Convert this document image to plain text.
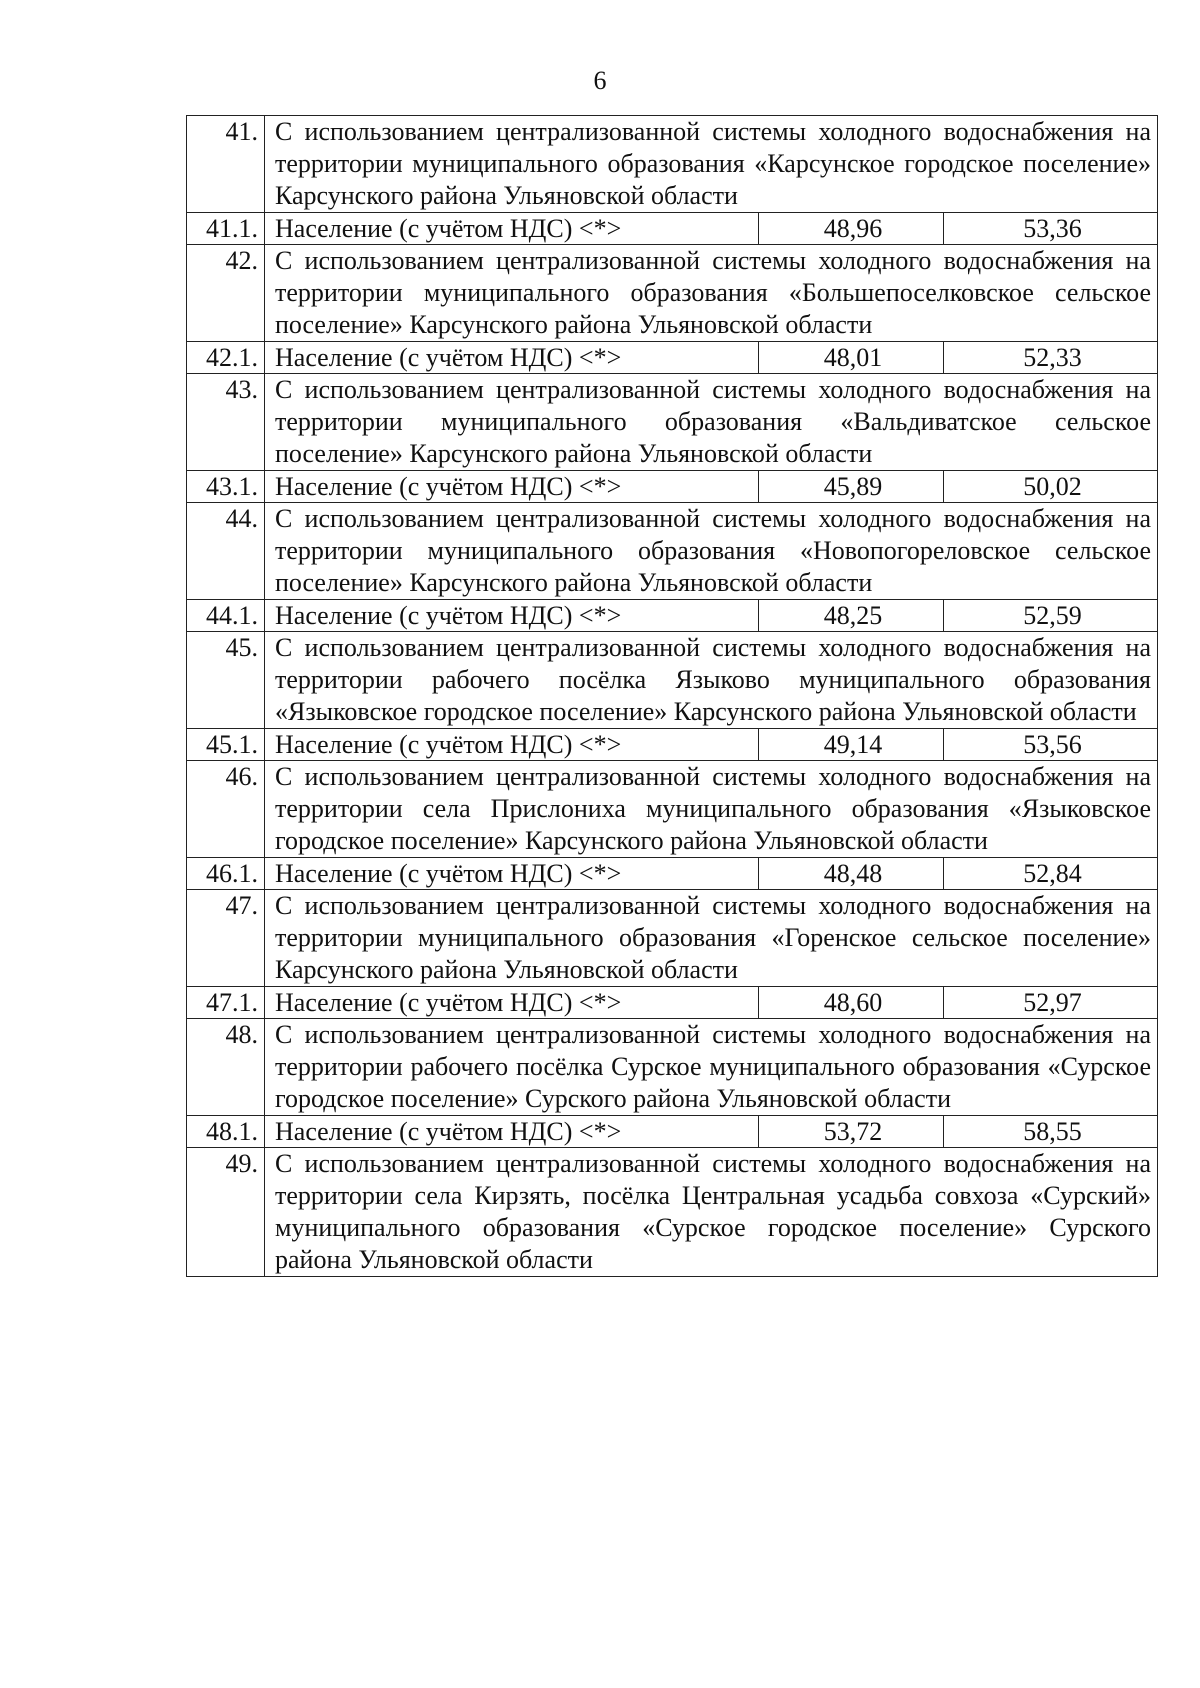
6
41.	С использованием централизованной системы холодного водоснабжения на территории муниципального образования «Карсунское городское поселение» Карсунского района Ульяновской области		
41.1.	Население (с учётом НДС) <*>	48,96	53,36
42.	С использованием централизованной системы холодного водоснабжения на территории муниципального образования «Большепоселковское сельское поселение» Карсунского района Ульяновской области		
42.1.	Население (с учётом НДС) <*>	48,01	52,33
43.	С использованием централизованной системы холодного водоснабжения на территории муниципального образования «Вальдиватское сельское поселение» Карсунского района Ульяновской области		
43.1.	Население (с учётом НДС) <*>	45,89	50,02
44.	С использованием централизованной системы холодного водоснабжения на территории муниципального образования «Новопогореловское сельское поселение» Карсунского района Ульяновской области		
44.1.	Население (с учётом НДС) <*>	48,25	52,59
45.	С использованием централизованной системы холодного водоснабжения на территории рабочего посёлка Языково муниципального образования «Языковское городское поселение» Карсунского района Ульяновской области		
45.1.	Население (с учётом НДС) <*>	49,14	53,56
46.	С использованием централизованной системы холодного водоснабжения на территории села Прислониха муниципального образования «Языковское городское поселение» Карсунского района Ульяновской области		
46.1.	Население (с учётом НДС) <*>	48,48	52,84
47.	С использованием централизованной системы холодного водоснабжения на территории муниципального образования «Горенское сельское поселение» Карсунского района Ульяновской области		
47.1.	Население (с учётом НДС) <*>	48,60	52,97
48.	С использованием централизованной системы холодного водоснабжения на территории рабочего посёлка Сурское муниципального образования «Сурское городское поселение» Сурского района Ульяновской области		
48.1.	Население (с учётом НДС) <*>	53,72	58,55
49.	С использованием централизованной системы холодного водоснабжения на территории села Кирзять, посёлка Центральная усадьба совхоза «Сурский» муниципального образования «Сурское городское поселение» Сурского района Ульяновской области		
